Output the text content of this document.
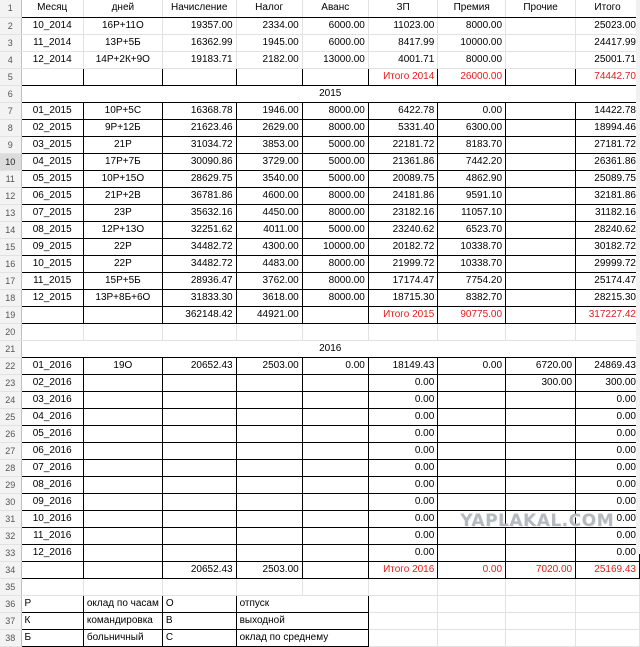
1	Месяц	дней	Начисление	Налог	Аванс	ЗП	Премия	Прочие	Итого
2	10_2014	16Р+11О	19357.00	2334.00	6000.00	11023.00	8000.00		25023.00
3	11_2014	13Р+5Б	16362.99	1945.00	6000.00	8417.99	10000.00		24417.99
4	12_2014	14Р+2К+9О	19183.71	2182.00	13000.00	4001.71	8000.00		25001.71
5						Итого 2014	26000.00		74442.70
6	2015								
7	01_2015	10Р+5С	16368.78	1946.00	8000.00	6422.78	0.00		14422.78
8	02_2015	9Р+12Б	21623.46	2629.00	8000.00	5331.40	6300.00		18994.46
9	03_2015	21Р	31034.72	3853.00	5000.00	22181.72	8183.70		27181.72
10	04_2015	17Р+7Б	30090.86	3729.00	5000.00	21361.86	7442.20		26361.86
11	05_2015	10Р+15О	28629.75	3540.00	5000.00	20089.75	4862.90		25089.75
12	06_2015	21Р+2В	36781.86	4600.00	8000.00	24181.86	9591.10		32181.86
13	07_2015	23Р	35632.16	4450.00	8000.00	23182.16	11057.10		31182.16
14	08_2015	12Р+13О	32251.62	4011.00	5000.00	23240.62	6523.70		28240.62
15	09_2015	22Р	34482.72	4300.00	10000.00	20182.72	10338.70		30182.72
16	10_2015	22Р	34482.72	4483.00	8000.00	21999.72	10338.70		29999.72
17	11_2015	15Р+5Б	28936.47	3762.00	8000.00	17174.47	7754.20		25174.47
18	12_2015	13Р+8Б+6О	31833.30	3618.00	8000.00	18715.30	8382.70		28215.30
19			362148.42	44921.00		Итого 2015	90775.00		317227.42
20									
21	2016								
22	01_2016	19О	20652.43	2503.00	0.00	18149.43	0.00	6720.00	24869.43
23	02_2016					0.00		300.00	300.00
24	03_2016					0.00			0.00
25	04_2016					0.00			0.00
26	05_2016					0.00			0.00
27	06_2016					0.00			0.00
28	07_2016					0.00			0.00
29	08_2016					0.00			0.00
30	09_2016					0.00			0.00
31	10_2016					0.00			0.00
32	11_2016					0.00			0.00
33	12_2016					0.00			0.00
34			20652.43	2503.00		Итого 2016	0.00	7020.00	25169.43
35									
36	Р	оклад по часам	О	отпуск					
37	К	командировка	В	выходной					
38	Б	больничный	С	оклад по среднему					
YAPLAKAL.COM
